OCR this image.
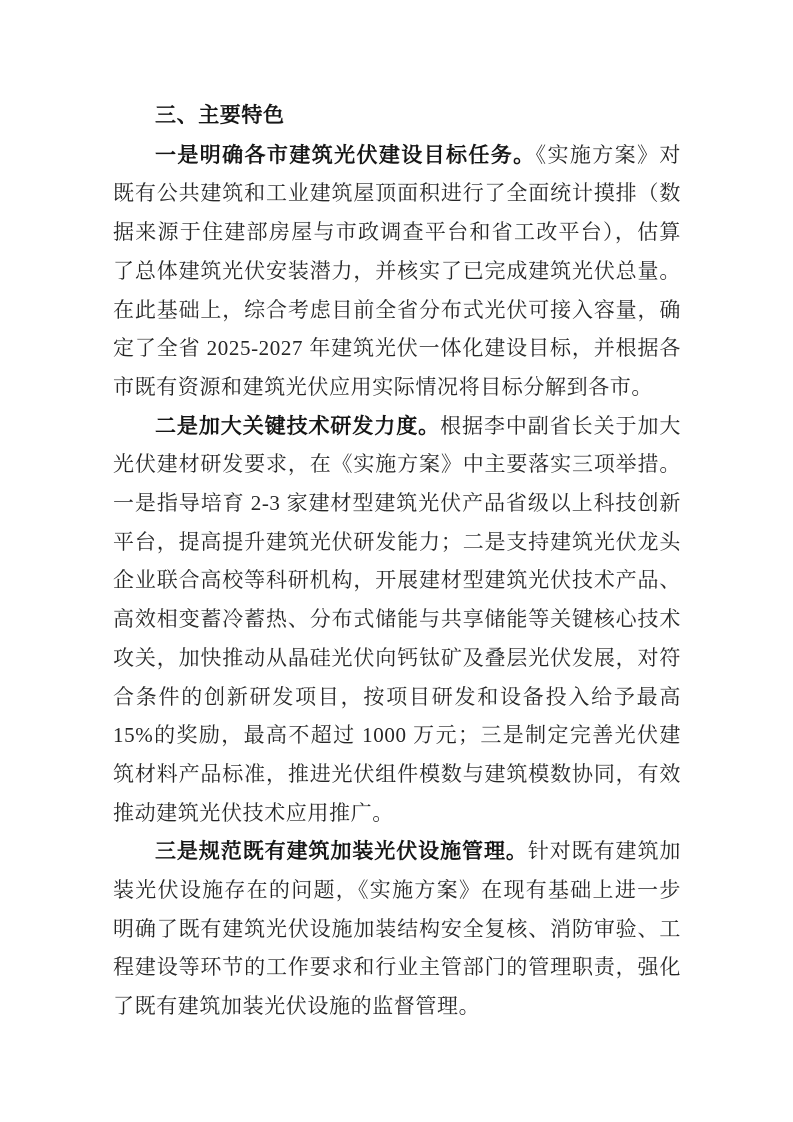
三、主要特色

一是明确各市建筑光伏建设目标任务。《实施方案》对既有公共建筑和工业建筑屋顶面积进行了全面统计摸排（数据来源于住建部房屋与市政调查平台和省工改平台），估算了总体建筑光伏安装潜力，并核实了已完成建筑光伏总量。在此基础上，综合考虑目前全省分布式光伏可接入容量，确定了全省 2025-2027 年建筑光伏一体化建设目标，并根据各市既有资源和建筑光伏应用实际情况将目标分解到各市。

二是加大关键技术研发力度。根据李中副省长关于加大光伏建材研发要求，在《实施方案》中主要落实三项举措。一是指导培育 2-3 家建材型建筑光伏产品省级以上科技创新平台，提高提升建筑光伏研发能力；二是支持建筑光伏龙头企业联合高校等科研机构，开展建材型建筑光伏技术产品、高效相变蓄冷蓄热、分布式储能与共享储能等关键核心技术攻关，加快推动从晶硅光伏向钙钛矿及叠层光伏发展，对符合条件的创新研发项目，按项目研发和设备投入给予最高15%的奖励，最高不超过 1000 万元；三是制定完善光伏建筑材料产品标准，推进光伏组件模数与建筑模数协同，有效推动建筑光伏技术应用推广。

三是规范既有建筑加装光伏设施管理。针对既有建筑加装光伏设施存在的问题，《实施方案》在现有基础上进一步明确了既有建筑光伏设施加装结构安全复核、消防审验、工程建设等环节的工作要求和行业主管部门的管理职责，强化了既有建筑加装光伏设施的监督管理。
